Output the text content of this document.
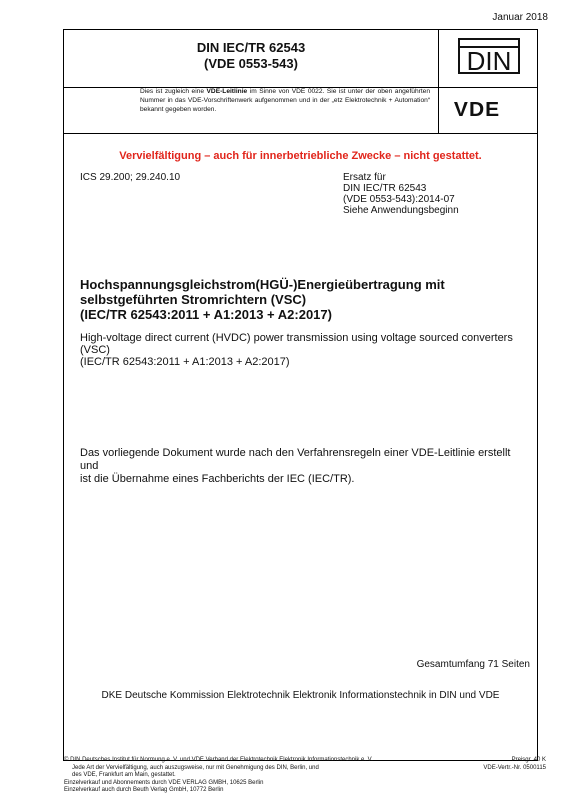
Januar 2018
DIN IEC/TR 62543
(VDE 0553-543)
Dies ist zugleich eine VDE-Leitlinie im Sinne von VDE 0022. Sie ist unter der oben angeführten Nummer in das VDE-Vorschriftenwerk aufgenommen und in der „etz Elektrotechnik + Automation“ bekannt gegeben worden.
DIN
VDE
Vervielfältigung – auch für innerbetriebliche Zwecke – nicht gestattet.
ICS 29.200; 29.240.10	Ersatz für
DIN IEC/TR 62543
(VDE 0553-543):2014-07
Siehe Anwendungsbeginn
Hochspannungsgleichstrom(HGÜ-)Energieübertragung mit
selbstgeführten Stromrichtern (VSC)
(IEC/TR 62543:2011 + A1:2013 + A2:2017)
High-voltage direct current (HVDC) power transmission using voltage sourced converters
(VSC)
(IEC/TR 62543:2011 + A1:2013 + A2:2017)
Das vorliegende Dokument wurde nach den Verfahrensregeln einer VDE-Leitlinie erstellt und
ist die Übernahme eines Fachberichts der IEC (IEC/TR).
Gesamtumfang 71 Seiten
DKE Deutsche Kommission Elektrotechnik Elektronik Informationstechnik in DIN und VDE
© DIN Deutsches Institut für Normung e. V. und VDE Verband der Elektrotechnik Elektronik Informationstechnik e. V.
Jede Art der Vervielfältigung, auch auszugsweise, nur mit Genehmigung des DIN, Berlin, und
des VDE, Frankfurt am Main, gestattet.
Einzelverkauf und Abonnements durch VDE VERLAG GMBH, 10625 Berlin
Einzelverkauf auch durch Beuth Verlag GmbH, 10772 Berlin
Preisgr. 40 K
VDE-Vertr.-Nr. 0500115
